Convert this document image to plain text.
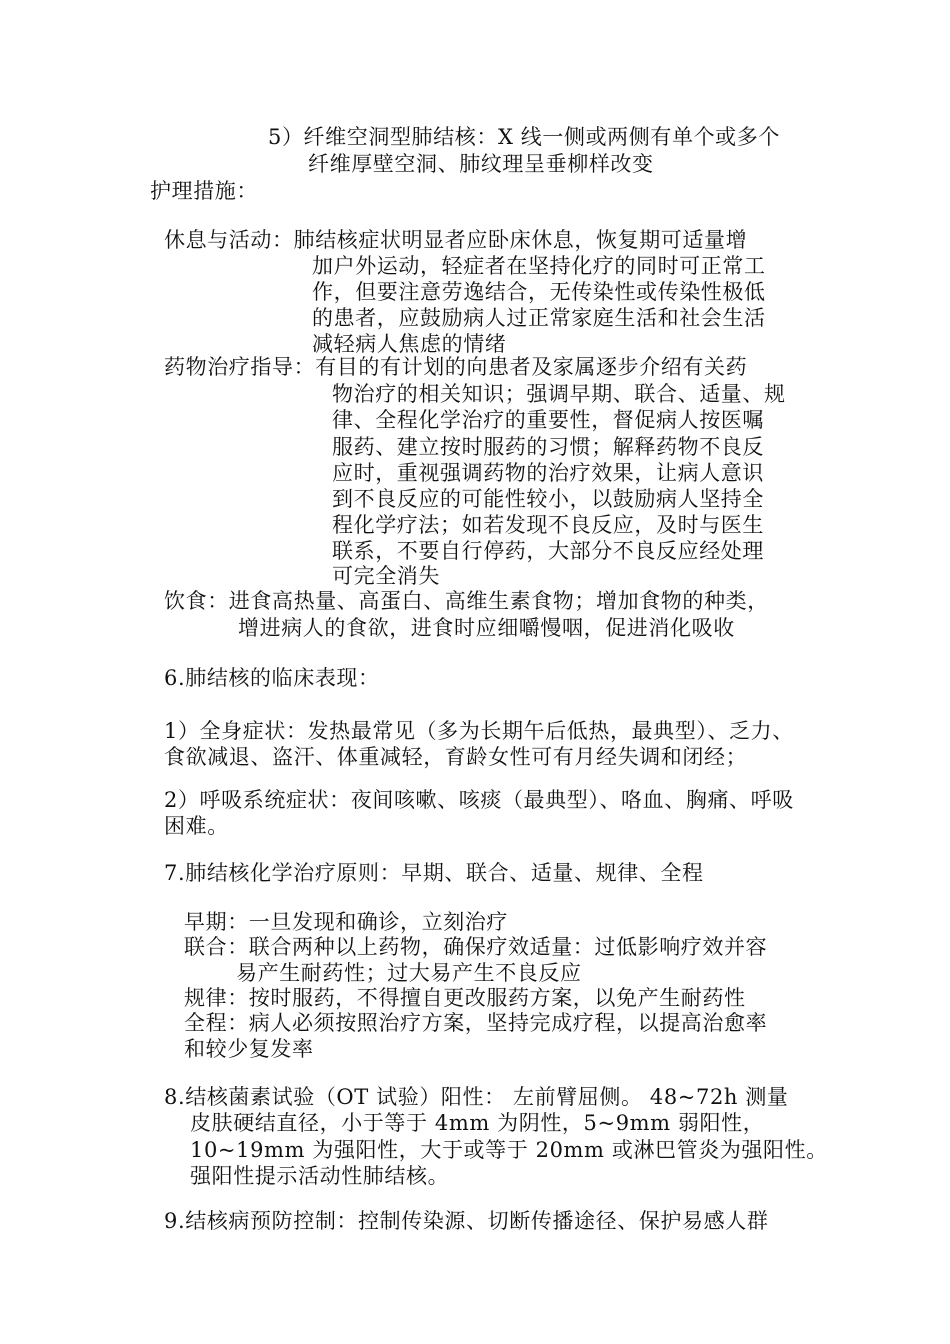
5）纤维空洞型肺结核：X 线一侧或两侧有单个或多个
纤维厚壁空洞、肺纹理呈垂柳样改变
护理措施：
休息与活动：肺结核症状明显者应卧床休息，恢复期可适量增
加户外运动，轻症者在坚持化疗的同时可正常工
作，但要注意劳逸结合，无传染性或传染性极低
的患者，应鼓励病人过正常家庭生活和社会生活
减轻病人焦虑的情绪
药物治疗指导：有目的有计划的向患者及家属逐步介绍有关药
物治疗的相关知识；强调早期、联合、适量、规
律、全程化学治疗的重要性，督促病人按医嘱
服药、建立按时服药的习惯；解释药物不良反
应时，重视强调药物的治疗效果，让病人意识
到不良反应的可能性较小，以鼓励病人坚持全
程化学疗法；如若发现不良反应，及时与医生
联系，不要自行停药，大部分不良反应经处理
可完全消失
饮食：进食高热量、高蛋白、高维生素食物；增加食物的种类，
增进病人的食欲，进食时应细嚼慢咽，促进消化吸收
6.肺结核的临床表现：
1）全身症状：发热最常见（多为长期午后低热，最典型）、乏力、
食欲减退、盗汗、体重减轻，育龄女性可有月经失调和闭经；
2）呼吸系统症状：夜间咳嗽、咳痰（最典型）、咯血、胸痛、呼吸
困难。
7.肺结核化学治疗原则：早期、联合、适量、规律、全程
早期：一旦发现和确诊，立刻治疗
联合：联合两种以上药物，确保疗效适量：过低影响疗效并容
易产生耐药性；过大易产生不良反应
规律：按时服药，不得擅自更改服药方案，以免产生耐药性
全程：病人必须按照治疗方案，坚持完成疗程，以提高治愈率
和较少复发率
8.结核菌素试验（OT 试验）阳性： 左前臂屈侧。 48~72h 测量
皮肤硬结直径，小于等于 4mm 为阴性，5~9mm 弱阳性，
10~19mm 为强阳性，大于或等于 20mm 或淋巴管炎为强阳性。
强阳性提示活动性肺结核。
9.结核病预防控制：控制传染源、切断传播途径、保护易感人群
